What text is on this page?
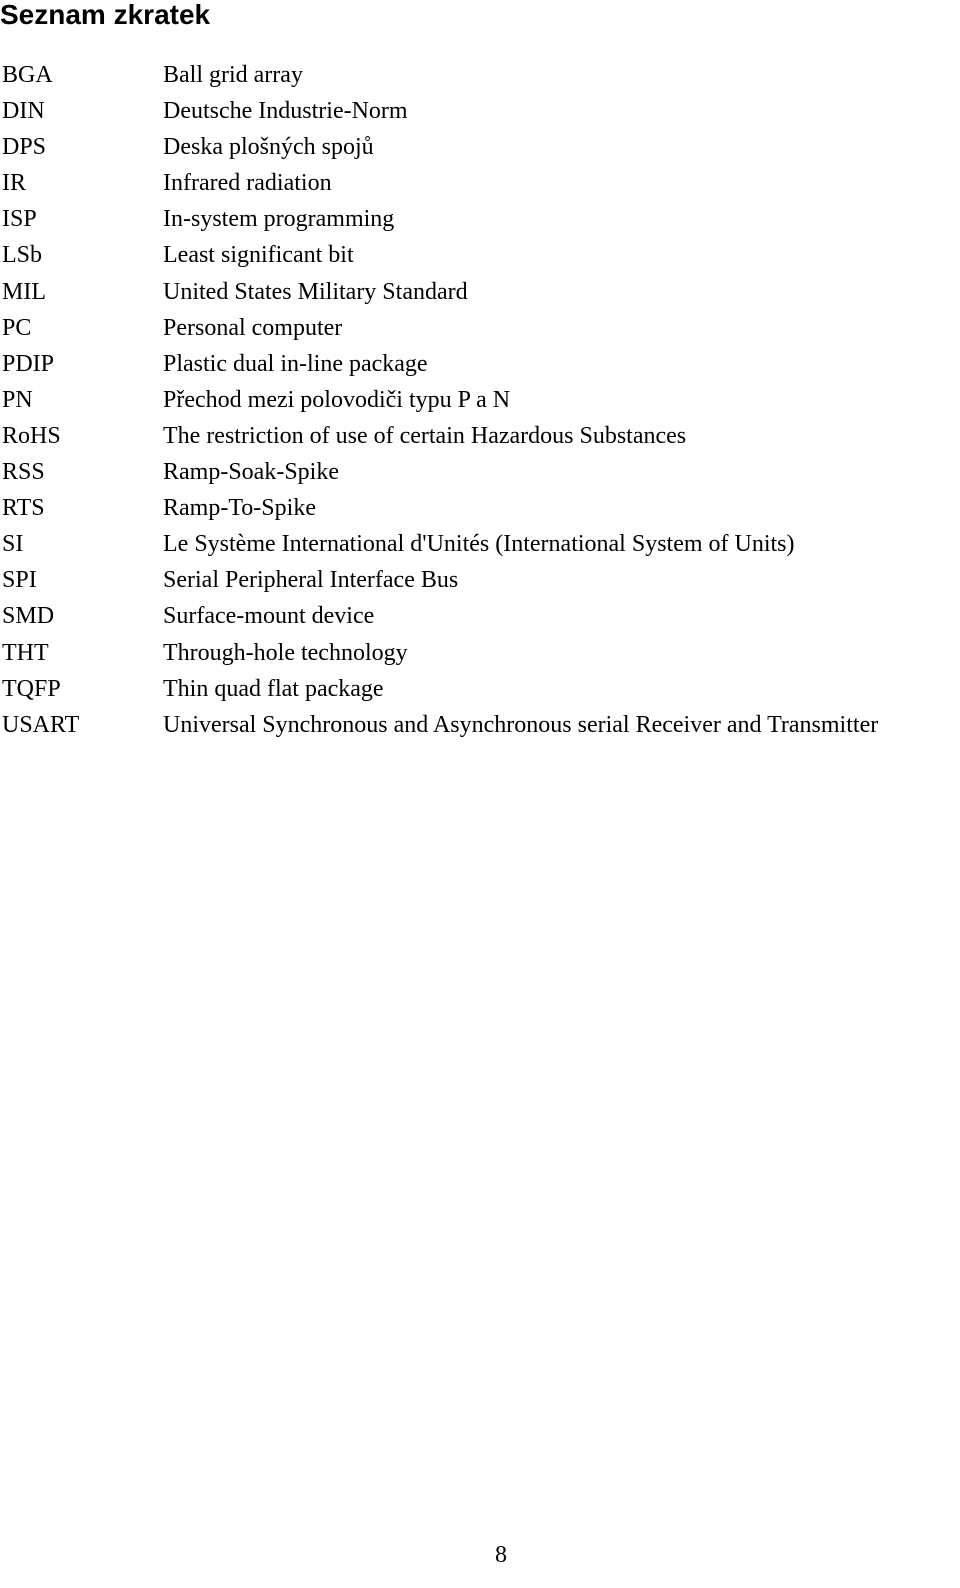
Seznam zkratek
BGA	Ball grid array
DIN	Deutsche Industrie-Norm
DPS	Deska plošných spojů
IR	Infrared radiation
ISP	In-system programming
LSb	Least significant bit
MIL	United States Military Standard
PC	Personal computer
PDIP	Plastic dual in-line package
PN	Přechod mezi polovodiči typu P a N
RoHS	The restriction of use of certain Hazardous Substances
RSS	Ramp-Soak-Spike
RTS	Ramp-To-Spike
SI	Le Système International d'Unités (International System of Units)
SPI	Serial Peripheral Interface Bus
SMD	Surface-mount device
THT	Through-hole technology
TQFP	Thin quad flat package
USART	Universal Synchronous and Asynchronous serial Receiver and Transmitter
8
